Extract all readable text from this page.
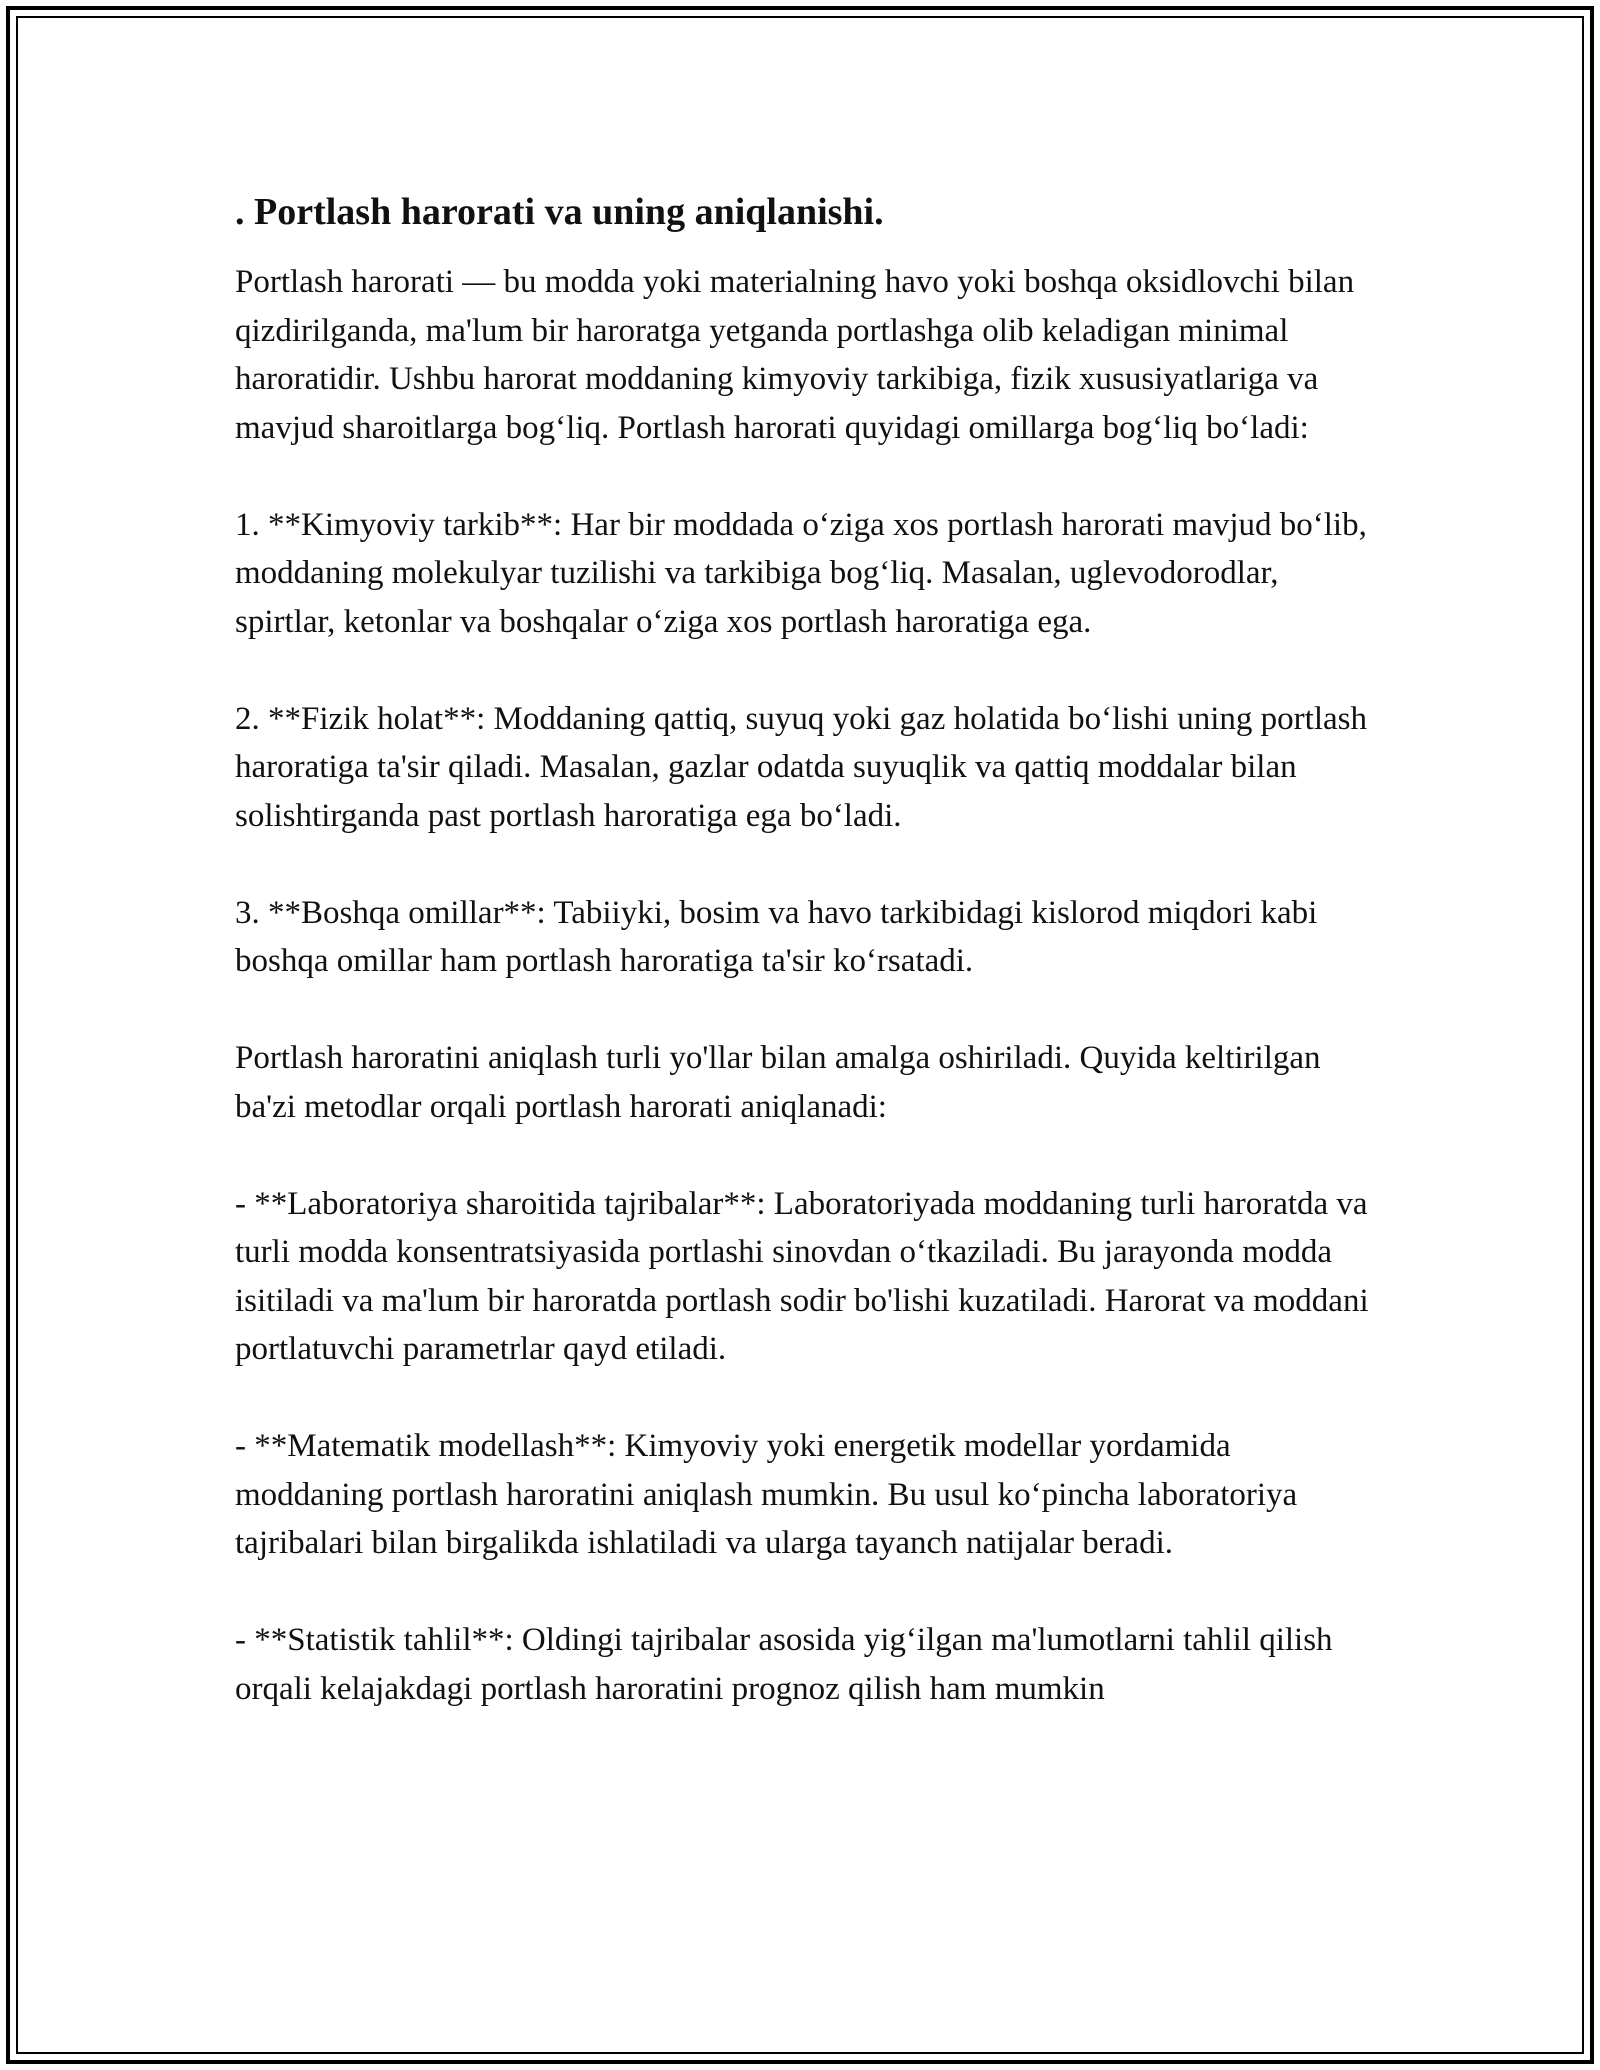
. Portlash harorati va uning aniqlanishi.

Portlash harorati — bu modda yoki materialning havo yoki boshqa oksidlovchi bilan qizdirilganda, ma'lum bir haroratga yetganda portlashga olib keladigan minimal haroratidir. Ushbu harorat moddaning kimyoviy tarkibiga, fizik xususiyatlariga va mavjud sharoitlarga bog‘liq. Portlash harorati quyidagi omillarga bog‘liq bo‘ladi:

1. **Kimyoviy tarkib**: Har bir moddada o‘ziga xos portlash harorati mavjud bo‘lib, moddaning molekulyar tuzilishi va tarkibiga bog‘liq. Masalan, uglevodorodlar, spirtlar, ketonlar va boshqalar o‘ziga xos portlash haroratiga ega.

2. **Fizik holat**: Moddaning qattiq, suyuq yoki gaz holatida bo‘lishi uning portlash haroratiga ta'sir qiladi. Masalan, gazlar odatda suyuqlik va qattiq moddalar bilan solishtirganda past portlash haroratiga ega bo‘ladi.

3. **Boshqa omillar**: Tabiiyki, bosim va havo tarkibidagi kislorod miqdori kabi boshqa omillar ham portlash haroratiga ta'sir ko‘rsatadi.

Portlash haroratini aniqlash turli yo'llar bilan amalga oshiriladi. Quyida keltirilgan ba'zi metodlar orqali portlash harorati aniqlanadi:

- **Laboratoriya sharoitida tajribalar**: Laboratoriyada moddaning turli haroratda va turli modda konsentratsiyasida portlashi sinovdan o‘tkaziladi. Bu jarayonda modda isitiladi va ma'lum bir haroratda portlash sodir bo'lishi kuzatiladi. Harorat va moddani portlatuvchi parametrlar qayd etiladi.

- **Matematik modellash**: Kimyoviy yoki energetik modellar yordamida moddaning portlash haroratini aniqlash mumkin. Bu usul ko‘pincha laboratoriya tajribalari bilan birgalikda ishlatiladi va ularga tayanch natijalar beradi.

- **Statistik tahlil**: Oldingi tajribalar asosida yig‘ilgan ma'lumotlarni tahlil qilish orqali kelajakdagi portlash haroratini prognoz qilish ham mumkin
